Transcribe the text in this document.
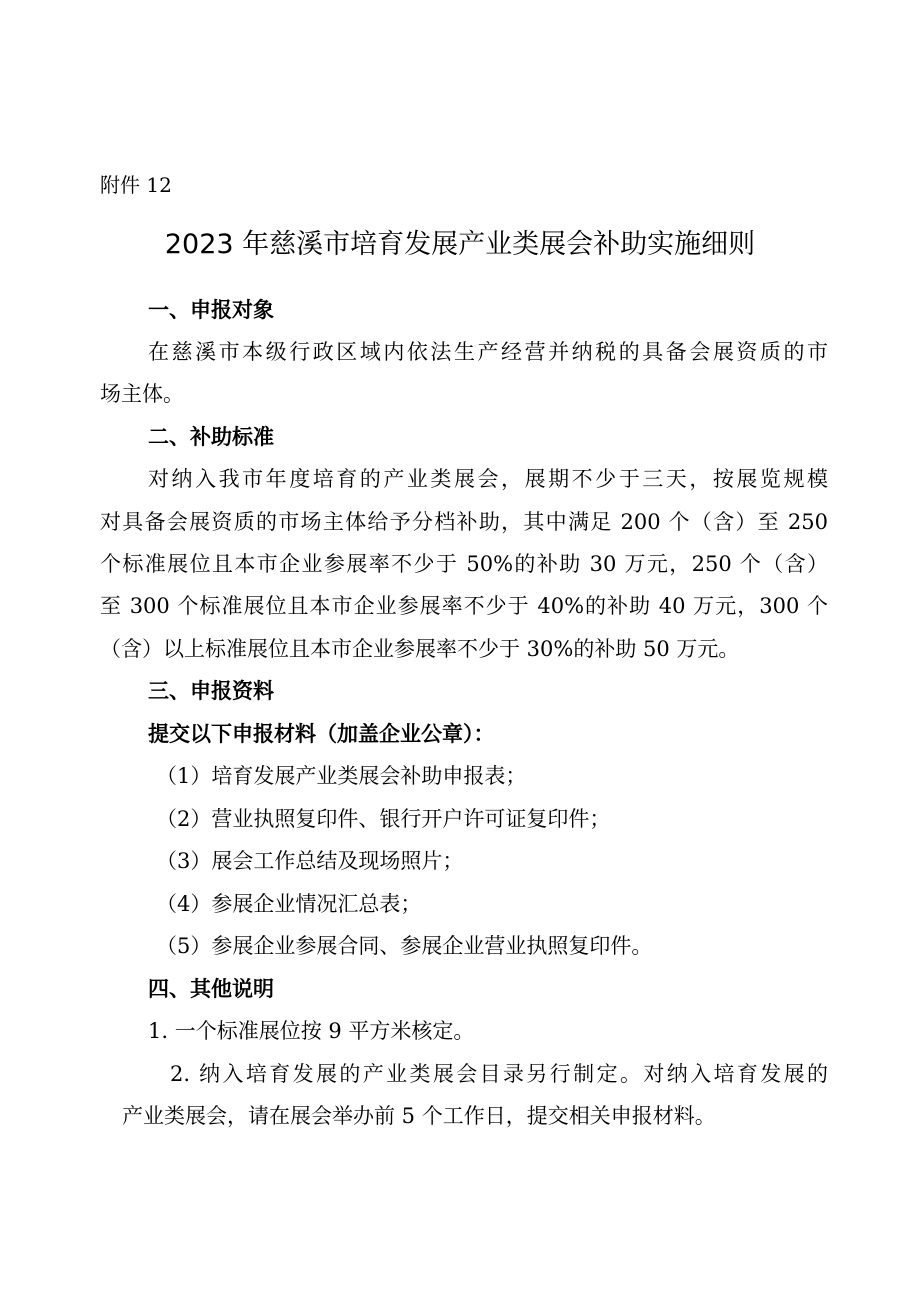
附件 12
2023 年慈溪市培育发展产业类展会补助实施细则
一、申报对象
在慈溪市本级行政区域内依法生产经营并纳税的具备会展资质的市
场主体。
二、补助标准
对纳入我市年度培育的产业类展会，展期不少于三天，按展览规模
对具备会展资质的市场主体给予分档补助，其中满足 200 个（含）至 250
个标准展位且本市企业参展率不少于 50%的补助 30 万元，250 个（含）
至 300 个标准展位且本市企业参展率不少于 40%的补助 40 万元，300 个
（含）以上标准展位且本市企业参展率不少于 30%的补助 50 万元。
三、申报资料
提交以下申报材料（加盖企业公章）：
（1）培育发展产业类展会补助申报表；
（2）营业执照复印件、银行开户许可证复印件；
（3）展会工作总结及现场照片；
（4）参展企业情况汇总表；
（5）参展企业参展合同、参展企业营业执照复印件。
四、其他说明
1. 一个标准展位按 9 平方米核定。
2. 纳入培育发展的产业类展会目录另行制定。对纳入培育发展的
产业类展会，请在展会举办前 5 个工作日，提交相关申报材料。
